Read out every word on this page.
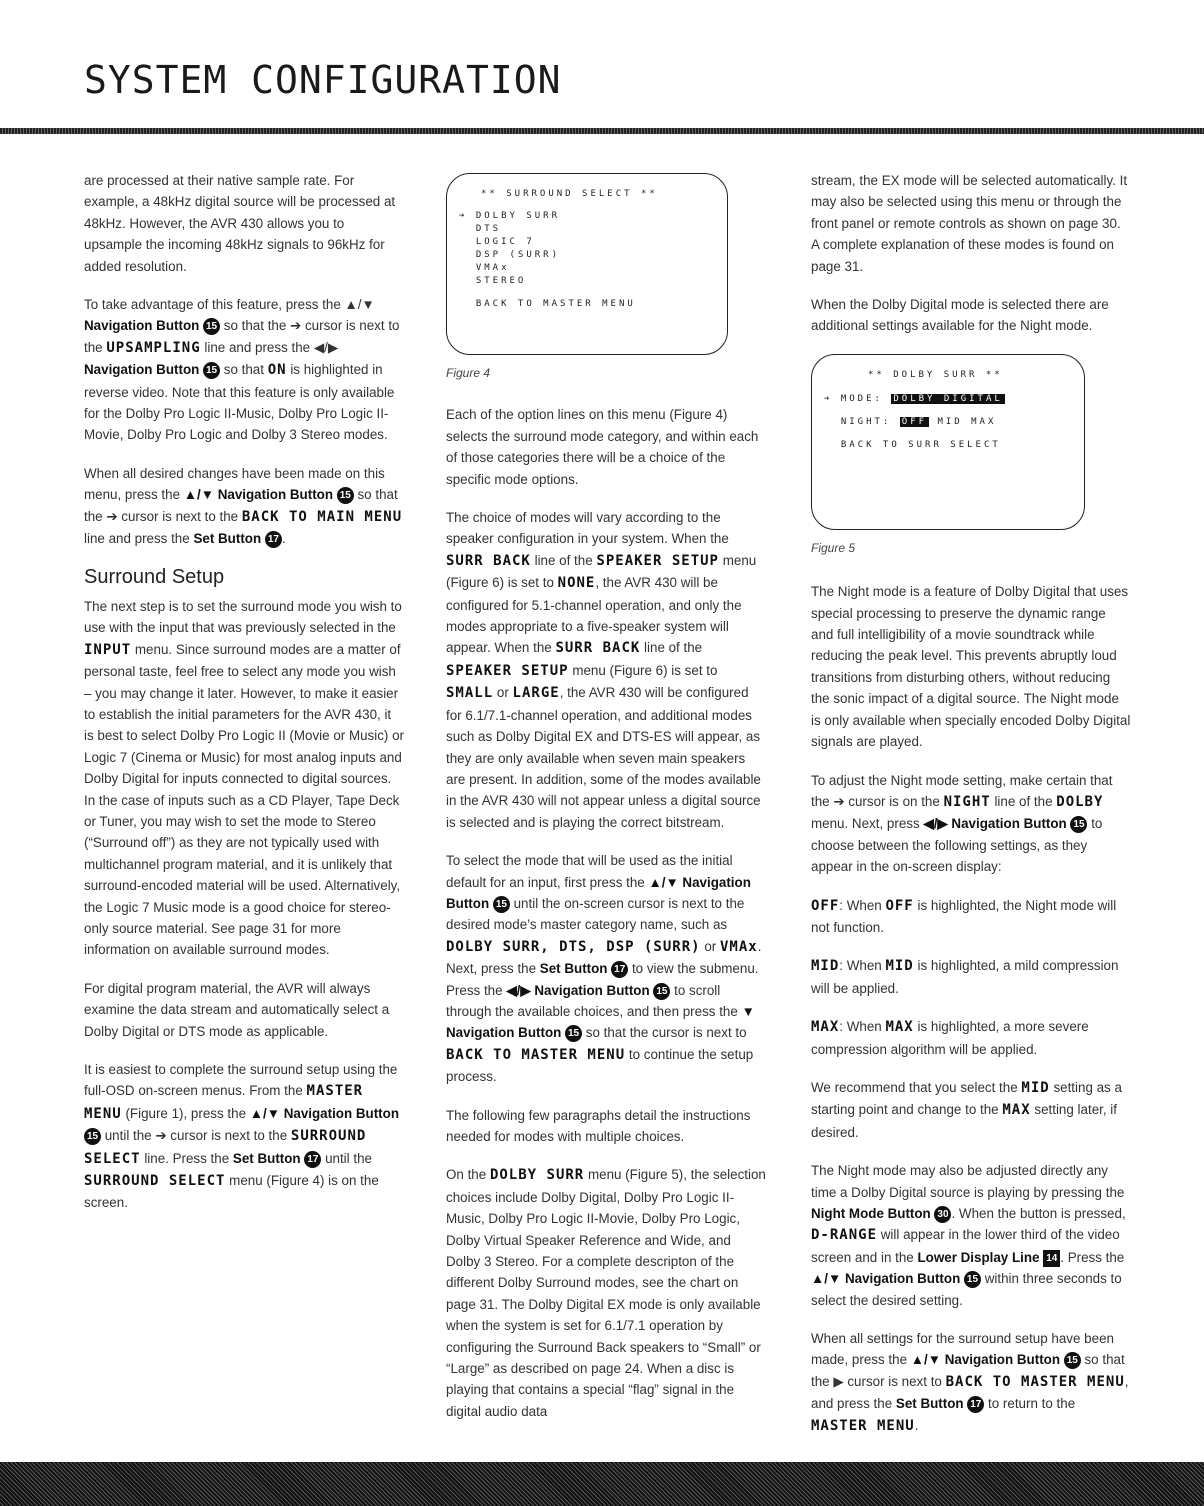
SYSTEM CONFIGURATION

are processed at their native sample rate. For example, a 48kHz digital source will be processed at 48kHz. However, the AVR 430 allows you to upsample the incoming 48kHz signals to 96kHz for added resolution.

To take advantage of this feature, press the ▲/▼ Navigation Button 15 so that the ➔ cursor is next to the UPSAMPLING line and press the ◀/▶ Navigation Button 15 so that ON is highlighted in reverse video. Note that this feature is only available for the Dolby Pro Logic II-Music, Dolby Pro Logic II-Movie, Dolby Pro Logic and Dolby 3 Stereo modes.

When all desired changes have been made on this menu, press the ▲/▼ Navigation Button 15 so that the ➔ cursor is next to the BACK TO MAIN MENU line and press the Set Button 17 .

Surround Setup

The next step is to set the surround mode you wish to use with the input that was previously selected in the INPUT menu. Since surround modes are a matter of personal taste, feel free to select any mode you wish – you may change it later. However, to make it easier to establish the initial parameters for the AVR 430, it is best to select Dolby Pro Logic II (Movie or Music) or Logic 7 (Cinema or Music) for most analog inputs and Dolby Digital for inputs connected to digital sources. In the case of inputs such as a CD Player, Tape Deck or Tuner, you may wish to set the mode to Stereo (“Surround off”) as they are not typically used with multichannel program material, and it is unlikely that surround-encoded material will be used. Alternatively, the Logic 7 Music mode is a good choice for stereo-only source material. See page 31 for more information on available surround modes.

For digital program material, the AVR will always examine the data stream and automatically select a Dolby Digital or DTS mode as applicable.

It is easiest to complete the surround setup using the full-OSD on-screen menus. From the MASTER MENU (Figure 1), press the ▲/▼ Navigation Button 15 until the ➔ cursor is next to the SURROUND SELECT line. Press the Set Button 17 until the SURROUND SELECT menu (Figure 4) is on the screen.

** SURROUND SELECT **
➔ DOLBY SURR
DTS
LOGIC 7
DSP (SURR)
VMAx
STEREO
BACK TO MASTER MENU
Figure 4

Each of the option lines on this menu (Figure 4) selects the surround mode category, and within each of those categories there will be a choice of the specific mode options.

The choice of modes will vary according to the speaker configuration in your system. When the SURR BACK line of the SPEAKER SETUP menu (Figure 6) is set to NONE, the AVR 430 will be configured for 5.1-channel operation, and only the modes appropriate to a five-speaker system will appear. When the SURR BACK line of the SPEAKER SETUP menu (Figure 6) is set to SMALL or LARGE, the AVR 430 will be configured for 6.1/7.1-channel operation, and additional modes such as Dolby Digital EX and DTS-ES will appear, as they are only available when seven main speakers are present. In addition, some of the modes available in the AVR 430 will not appear unless a digital source is selected and is playing the correct bitstream.

To select the mode that will be used as the initial default for an input, first press the ▲/▼ Navigation Button 15 until the on-screen cursor is next to the desired mode’s master category name, such as DOLBY SURR, DTS, DSP (SURR) or VMAx. Next, press the Set Button 17 to view the submenu. Press the ◀/▶ Navigation Button 15 to scroll through the available choices, and then press the ▼ Navigation Button 15 so that the cursor is next to BACK TO MASTER MENU to continue the setup process.

The following few paragraphs detail the instructions needed for modes with multiple choices.

On the DOLBY SURR menu (Figure 5), the selection choices include Dolby Digital, Dolby Pro Logic II-Music, Dolby Pro Logic II-Movie, Dolby Pro Logic, Dolby Virtual Speaker Reference and Wide, and Dolby 3 Stereo. For a complete descripton of the different Dolby Surround modes, see the chart on page 31. The Dolby Digital EX mode is only available when the system is set for 6.1/7.1 operation by configuring the Surround Back speakers to “Small” or “Large” as described on page 24. When a disc is playing that contains a special “flag” signal in the digital audio data

stream, the EX mode will be selected automatically. It may also be selected using this menu or through the front panel or remote controls as shown on page 30. A complete explanation of these modes is found on page 31.

When the Dolby Digital mode is selected there are additional settings available for the Night mode.

** DOLBY SURR **
➔ MODE: DOLBY DIGITAL
NIGHT: OFF MID MAX
BACK TO SURR SELECT
Figure 5

The Night mode is a feature of Dolby Digital that uses special processing to preserve the dynamic range and full intelligibility of a movie soundtrack while reducing the peak level. This prevents abruptly loud transitions from disturbing others, without reducing the sonic impact of a digital source. The Night mode is only available when specially encoded Dolby Digital signals are played.

To adjust the Night mode setting, make certain that the ➔ cursor is on the NIGHT line of the DOLBY menu. Next, press ◀/▶ Navigation Button 15 to choose between the following settings, as they appear in the on-screen display:

OFF: When OFF is highlighted, the Night mode will not function.

MID: When MID is highlighted, a mild compression will be applied.

MAX: When MAX is highlighted, a more severe compression algorithm will be applied.

We recommend that you select the MID setting as a starting point and change to the MAX setting later, if desired.

The Night mode may also be adjusted directly any time a Dolby Digital source is playing by pressing the Night Mode Button 30 . When the button is pressed, D-RANGE will appear in the lower third of the video screen and in the Lower Display Line 14 . Press the ▲/▼ Navigation Button 15 within three seconds to select the desired setting.

When all settings for the surround setup have been made, press the ▲/▼ Navigation Button 15 so that the ▶ cursor is next to BACK TO MASTER MENU, and press the Set Button 17 to return to the MASTER MENU.
